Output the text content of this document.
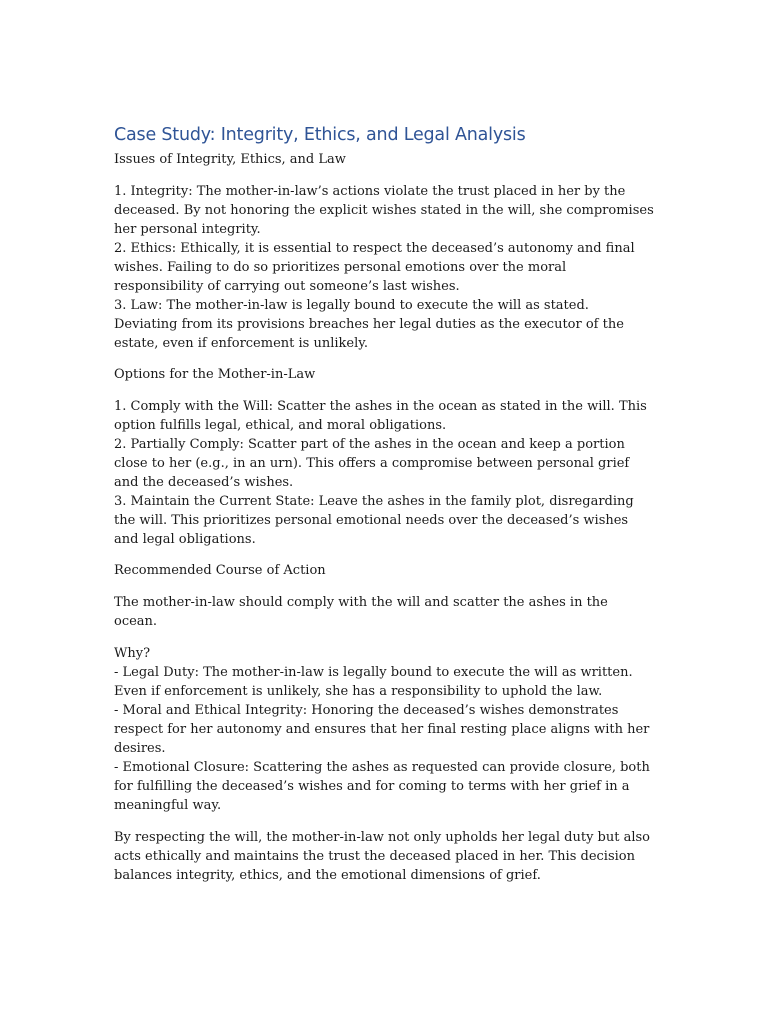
Case Study: Integrity, Ethics, and Legal Analysis

Issues of Integrity, Ethics, and Law

1. Integrity: The mother-in-law’s actions violate the trust placed in her by the deceased. By not honoring the explicit wishes stated in the will, she compromises her personal integrity.

2. Ethics: Ethically, it is essential to respect the deceased’s autonomy and final wishes. Failing to do so prioritizes personal emotions over the moral responsibility of carrying out someone’s last wishes.

3. Law: The mother-in-law is legally bound to execute the will as stated. Deviating from its provisions breaches her legal duties as the executor of the estate, even if enforcement is unlikely.

Options for the Mother-in-Law

1. Comply with the Will: Scatter the ashes in the ocean as stated in the will. This option fulfills legal, ethical, and moral obligations.

2. Partially Comply: Scatter part of the ashes in the ocean and keep a portion close to her (e.g., in an urn). This offers a compromise between personal grief and the deceased’s wishes.

3. Maintain the Current State: Leave the ashes in the family plot, disregarding the will. This prioritizes personal emotional needs over the deceased’s wishes and legal obligations.

Recommended Course of Action

The mother-in-law should comply with the will and scatter the ashes in the ocean.

Why?

- Legal Duty: The mother-in-law is legally bound to execute the will as written. Even if enforcement is unlikely, she has a responsibility to uphold the law.

- Moral and Ethical Integrity: Honoring the deceased’s wishes demonstrates respect for her autonomy and ensures that her final resting place aligns with her desires.

- Emotional Closure: Scattering the ashes as requested can provide closure, both for fulfilling the deceased’s wishes and for coming to terms with her grief in a meaningful way.

By respecting the will, the mother-in-law not only upholds her legal duty but also acts ethically and maintains the trust the deceased placed in her. This decision balances integrity, ethics, and the emotional dimensions of grief.
